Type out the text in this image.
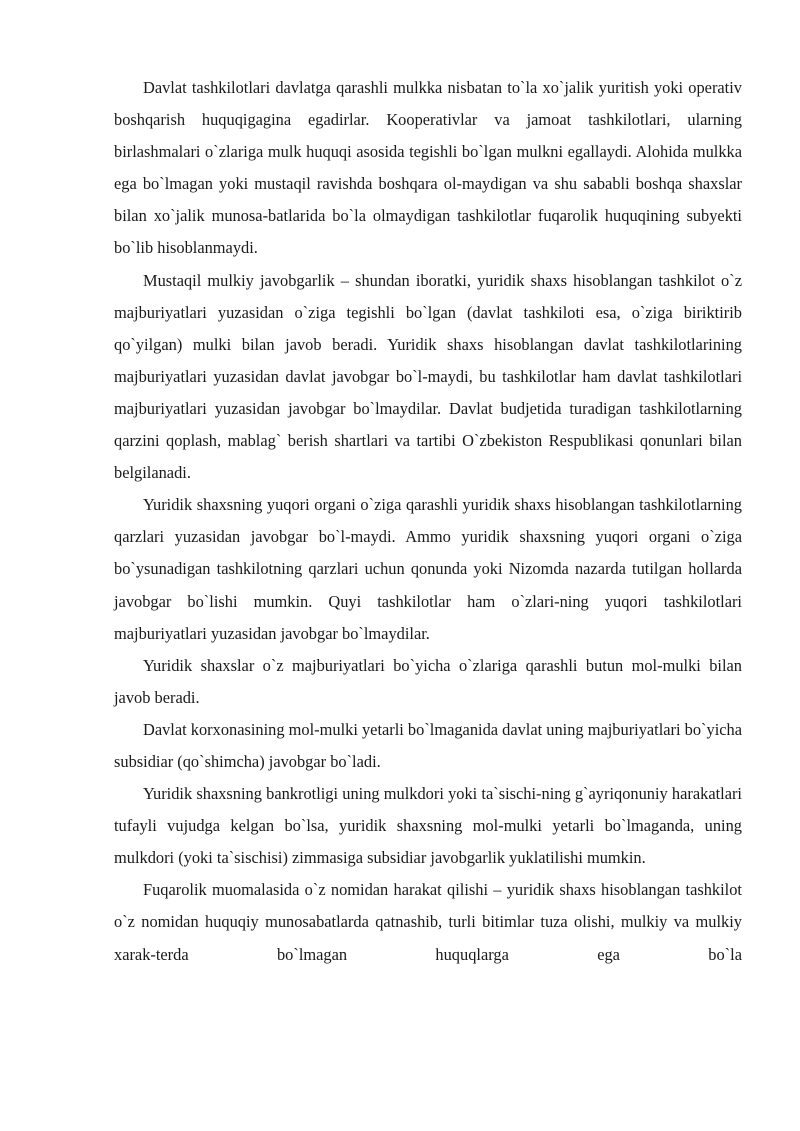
Davlat tashkilotlari davlatga qarashli mulkka nisbatan to`la xo`jalik yuritish yoki operativ boshqarish huquqigagina egadirlar. Kooperativlar va jamoat tashkilotlari, ularning birlashmalari o`zlariga mulk huquqi asosida tegishli bo`lgan mulkni egallaydi. Alohida mulkka ega bo`lmagan yoki mustaqil ravishda boshqara ol-maydigan va shu sababli boshqa shaxslar bilan xo`jalik munosa-batlarida bo`la olmaydigan tashkilotlar fuqarolik huquqining subyekti bo`lib hisoblanmaydi.

Mustaqil mulkiy javobgarlik – shundan iboratki, yuridik shaxs hisoblangan tashkilot o`z majburiyatlari yuzasidan o`ziga tegishli bo`lgan (davlat tashkiloti esa, o`ziga biriktirib qo`yilgan) mulki bilan javob beradi. Yuridik shaxs hisoblangan davlat tashkilotlarining majburiyatlari yuzasidan davlat javobgar bo`l-maydi, bu tashkilotlar ham davlat tashkilotlari majburiyatlari yuzasidan javobgar bo`lmaydilar. Davlat budjetida turadigan tashkilotlarning qarzini qoplash, mablag` berish shartlari va tartibi O`zbekiston Respublikasi qonunlari bilan belgilanadi.

Yuridik shaxsning yuqori organi o`ziga qarashli yuridik shaxs hisoblangan tashkilotlarning qarzlari yuzasidan javobgar bo`l-maydi. Ammo yuridik shaxsning yuqori organi o`ziga bo`ysunadigan tashkilotning qarzlari uchun qonunda yoki Nizomda nazarda tutilgan hollarda javobgar bo`lishi mumkin. Quyi tashkilotlar ham o`zlari-ning yuqori tashkilotlari majburiyatlari yuzasidan javobgar bo`lmaydilar.

Yuridik shaxslar o`z majburiyatlari bo`yicha o`zlariga qarashli butun mol-mulki bilan javob beradi.

Davlat korxonasining mol-mulki yetarli bo`lmaganida davlat uning majburiyatlari bo`yicha subsidiar (qo`shimcha) javobgar bo`ladi.

Yuridik shaxsning bankrotligi uning mulkdori yoki ta`sischi-ning g`ayriqonuniy harakatlari tufayli vujudga kelgan bo`lsa, yuridik shaxsning mol-mulki yetarli bo`lmaganda, uning mulkdori (yoki ta`sischisi) zimmasiga subsidiar javobgarlik yuklatilishi mumkin.

Fuqarolik muomalasida o`z nomidan harakat qilishi – yuridik shaxs hisoblangan tashkilot o`z nomidan huquqiy munosabatlarda qatnashib, turli bitimlar tuza olishi, mulkiy va mulkiy xarak-terda bo`lmagan huquqlarga ega bo`la
